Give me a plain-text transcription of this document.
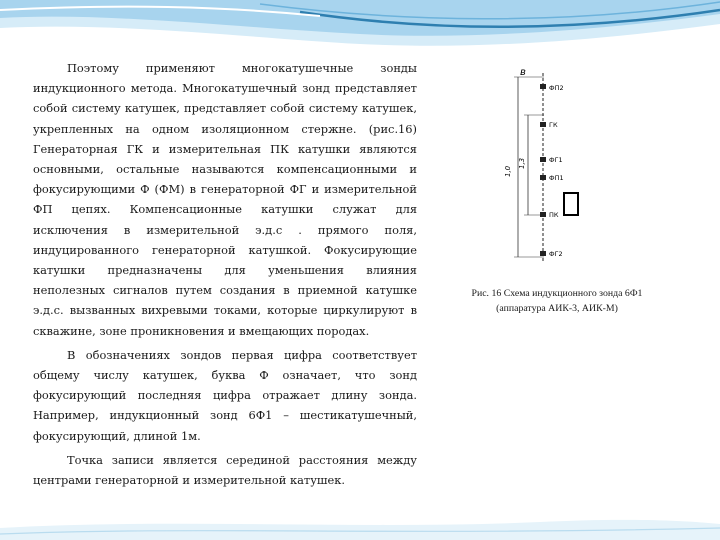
Поэтому применяют многокатушечные зонды индукционного метода. Многокатушечный зонд представляет собой систему катушек, представляет собой систему катушек, укрепленных на одном изоляционном стержне. (рис.16) Генераторная ГК и измерительная ПК катушки являются основными, остальные называются компенсационными и фокусирующими Ф (ФМ) в генераторной ФГ и измерительной ФП цепях. Компенсационные катушки служат для исключения в измерительной э.д.с . прямого поля, индуцированного генераторной катушкой. Фокусирующие катушки предназначены для уменьшения влияния неполезных сигналов путем создания в приемной катушке э.д.с. вызванных вихревыми токами, которые циркулируют в скважине, зоне проникновения и вмещающих породах.

В обозначениях зондов первая цифра соответствует общему числу катушек, буква Ф означает, что зонд фокусирующий последняя цифра отражает длину зонда. Например, индукционный зонд 6Ф1 – шестикатушечный, фокусирующий, длиной 1м.

Точка записи является серединой расстояния между центрами генераторной и измерительной катушек.

в
1,0
1,3
ФП2
ГК
ФГ1
ФП1
ПК
ФГ2
Рис. 16 Схема индукционного зонда 6Ф1
(аппаратура АИК-3, АИК-М)
